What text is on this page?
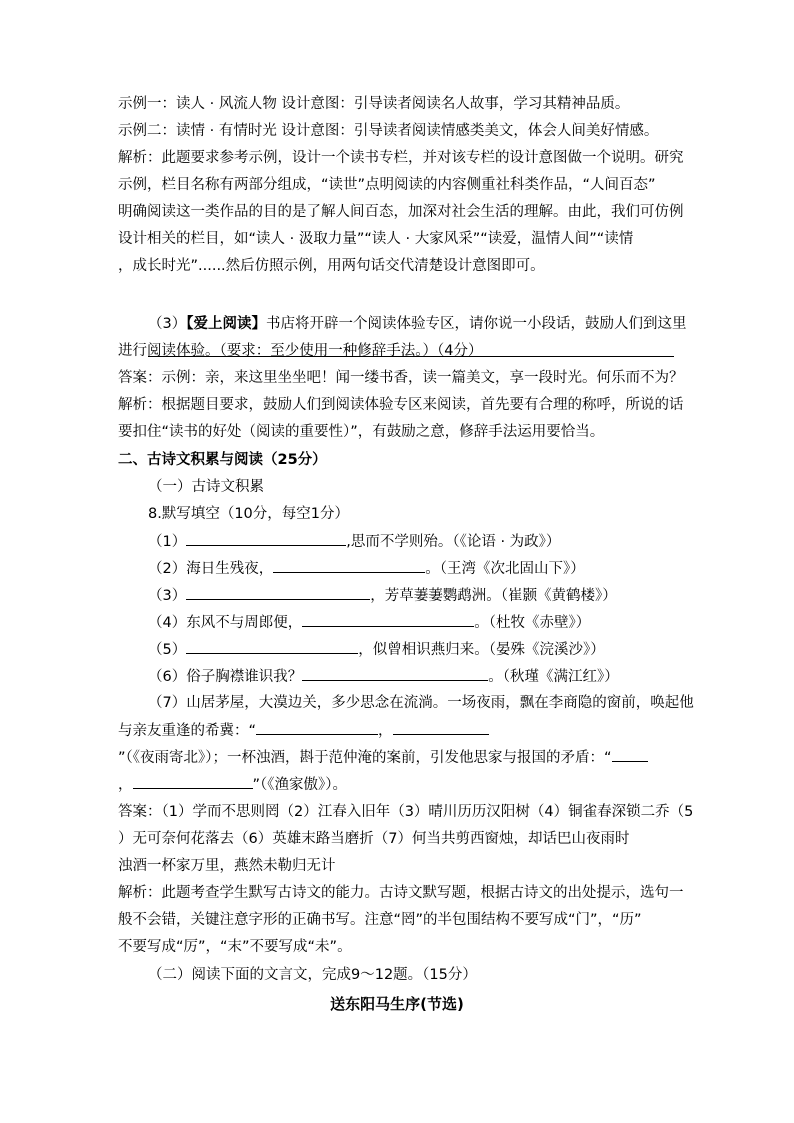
示例一：读人 · 风流人物 设计意图：引导读者阅读名人故事，学习其精神品质。

示例二：读情 · 有情时光 设计意图：引导读者阅读情感类美文，体会人间美好情感。

解析：此题要求参考示例，设计一个读书专栏，并对该专栏的设计意图做一个说明。研究

示例，栏目名称有两部分组成，“读世”点明阅读的内容侧重社科类作品，“人间百态”

明确阅读这一类作品的目的是了解人间百态，加深对社会生活的理解。由此，我们可仿例

设计相关的栏目，如“读人 · 汲取力量”“读人 · 大家风采”“读爱，温情人间”“读情

，成长时光”......然后仿照示例，用两句话交代清楚设计意图即可。

（3）【爱上阅读】书店将开辟一个阅读体验专区，请你说一小段话，鼓励人们到这里

进行阅读体验。（要求：至少使用一种修辞手法。）（4分）

答案：示例：亲，来这里坐坐吧！闻一缕书香，读一篇美文，享一段时光。何乐而不为？

解析：根据题目要求，鼓励人们到阅读体验专区来阅读，首先要有合理的称呼，所说的话

要扣住“读书的好处（阅读的重要性）”，有鼓励之意，修辞手法运用要恰当。

二、古诗文积累与阅读（25分）

（一）古诗文积累

8.默写填空（10分，每空1分）

（1）	,思而不学则殆。（《论语 · 为政》）

（2）海日生残夜，	。（王湾《次北固山下》）

（3）	，芳草萋萋鹦鹉洲。（崔颢《黄鹤楼》）

（4）东风不与周郎便，	。（杜牧《赤壁》）

（5）	，似曾相识燕归来。（晏殊《浣溪沙》）

（6）俗子胸襟谁识我？	。（秋瑾《满江红》）

（7）山居茅屋，大漠边关，多少思念在流淌。一场夜雨，飘在李商隐的窗前，唤起他

与亲友重逢的希冀：“	，

”（《夜雨寄北》）；一杯浊酒，斟于范仲淹的案前，引发他思家与报国的矛盾：“

，	”（《渔家傲》）。

答案：（1）学而不思则罔（2）江春入旧年（3）晴川历历汉阳树（4）铜雀春深锁二乔（5

）无可奈何花落去（6）英雄末路当磨折（7）何当共剪西窗烛，却话巴山夜雨时

浊酒一杯家万里，燕然未勒归无计

解析：此题考查学生默写古诗文的能力。古诗文默写题，根据古诗文的出处提示，选句一

般不会错，关键注意字形的正确书写。注意“罔”的半包围结构不要写成“门”，“历”

不要写成“厉”，“末”不要写成“未”。

（二）阅读下面的文言文，完成9～12题。（15分）

送东阳马生序(节选)
